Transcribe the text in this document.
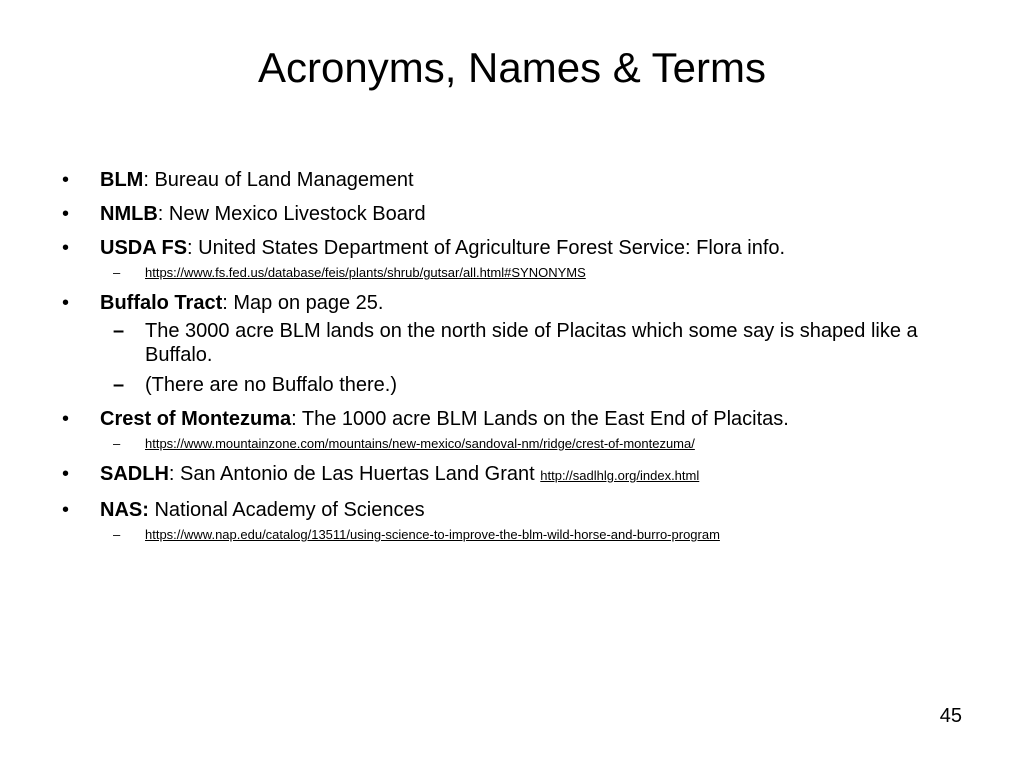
Acronyms, Names & Terms
•	BLM: Bureau of Land Management
•	NMLB: New Mexico Livestock Board
•	USDA FS: United States Department of Agriculture Forest Service: Flora info.
– https://www.fs.fed.us/database/feis/plants/shrub/gutsar/all.html#SYNONYMS
•	Buffalo Tract: Map on page 25.
– The 3000 acre BLM lands on the north side of Placitas which some say is shaped like a Buffalo.
– (There are no Buffalo there.)
•	Crest of Montezuma: The 1000 acre BLM Lands on the East End of Placitas.
– https://www.mountainzone.com/mountains/new-mexico/sandoval-nm/ridge/crest-of-montezuma/
•	SADLH: San Antonio de Las Huertas Land Grant http://sadlhlg.org/index.html
•	NAS: National Academy of Sciences
– https://www.nap.edu/catalog/13511/using-science-to-improve-the-blm-wild-horse-and-burro-program
45
